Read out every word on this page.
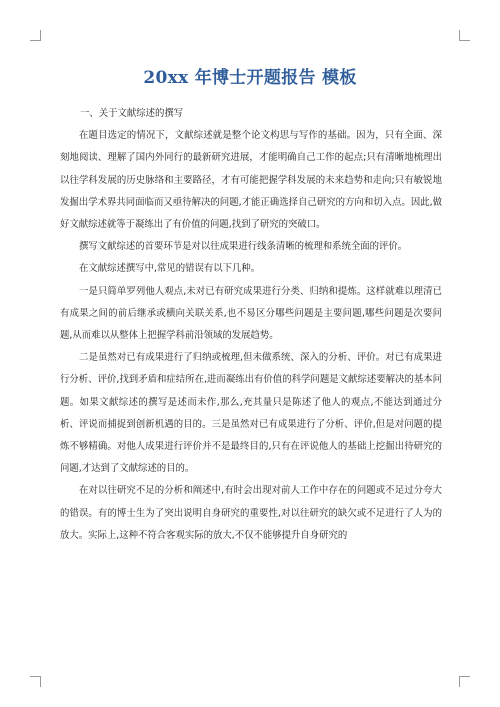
20xx 年博士开题报告 模板

一、关于文献综述的撰写

在题目选定的情况下，文献综述就是整个论文构思与写作的基础。因为，只有全面、深刻地阅读、理解了国内外同行的最新研究进展，才能明确自己工作的起点;只有清晰地梳理出以往学科发展的历史脉络和主要路径，才有可能把握学科发展的未来趋势和走向;只有敏锐地发掘出学术界共同面临而又亟待解决的问题,才能正确选择自己研究的方向和切入点。因此,做好文献综述就等于凝练出了有价值的问题,找到了研究的突破口。

撰写文献综述的首要环节是对以往成果进行线条清晰的梳理和系统全面的评价。

在文献综述撰写中,常见的错误有以下几种。

一是只简单罗列他人观点,未对已有研究成果进行分类、归纳和提炼。这样就难以理清已有成果之间的前后继承或横向关联关系,也不易区分哪些问题是主要问题,哪些问题是次要问题,从而难以从整体上把握学科前沿领域的发展趋势。

二是虽然对已有成果进行了归纳或梳理,但未做系统、深入的分析、评价。对已有成果进行分析、评价,找到矛盾和症结所在,进而凝练出有价值的科学问题是文献综述要解决的基本问题。如果文献综述的撰写是述而未作,那么,充其量只是陈述了他人的观点,不能达到通过分析、评说而捕捉到创新机遇的目的。三是虽然对已有成果进行了分析、评价,但是对问题的提炼不够精确。对他人成果进行评价并不是最终目的,只有在评说他人的基础上挖掘出待研究的问题,才达到了文献综述的目的。

在对以往研究不足的分析和阐述中,有时会出现对前人工作中存在的问题或不足过分夸大的错误。有的博士生为了突出说明自身研究的重要性,对以往研究的缺欠或不足进行了人为的放大。实际上,这种不符合客观实际的放大,不仅不能够提升自身研究的
